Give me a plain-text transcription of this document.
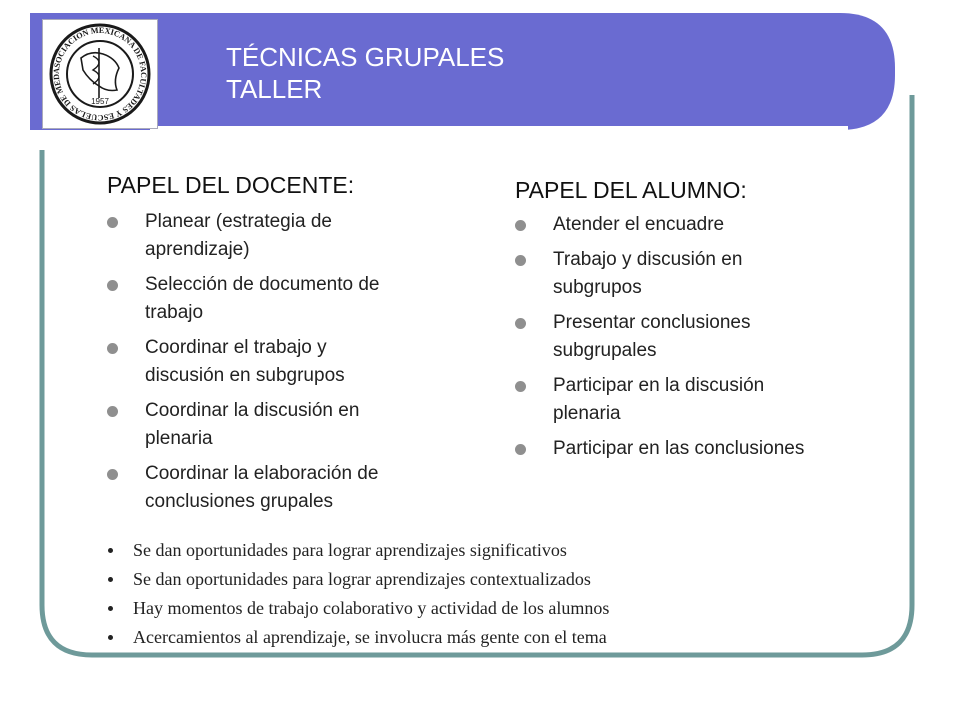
ASOCIACION MEXICANA DE FACULTADES Y ESCUELAS DE MED
1957
TÉCNICAS GRUPALES
TALLER
PAPEL DEL DOCENTE:
Planear (estrategia de
aprendizaje)
Selección de documento de
trabajo
Coordinar el trabajo y
discusión en subgrupos
Coordinar la discusión en
plenaria
Coordinar la elaboración de
conclusiones grupales
PAPEL DEL ALUMNO:
Atender el encuadre
Trabajo y discusión en
subgrupos
Presentar conclusiones
subgrupales
Participar en la discusión
plenaria
Participar en las conclusiones
Se dan oportunidades para lograr aprendizajes significativos
Se dan oportunidades para lograr aprendizajes contextualizados
Hay momentos de trabajo colaborativo y actividad de los alumnos
Acercamientos al aprendizaje, se involucra más gente con el tema
